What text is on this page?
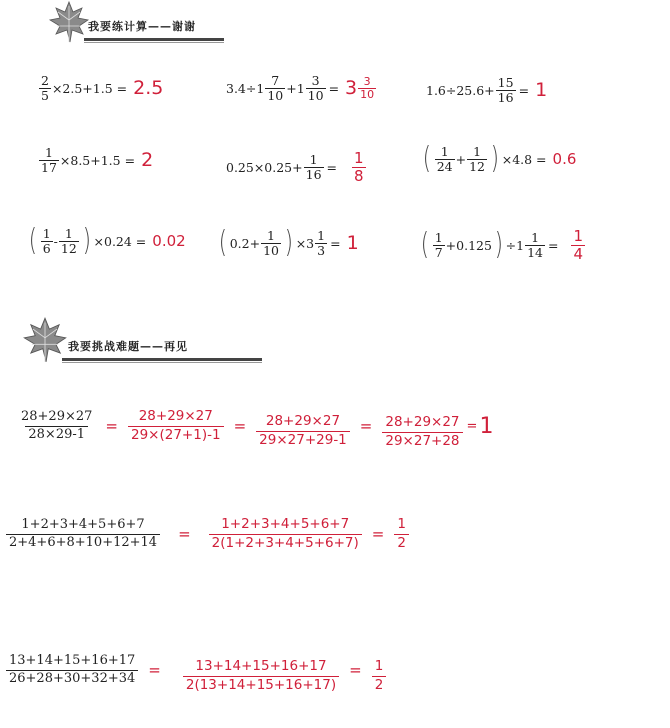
我要练计算——谢谢
$\frac{2}{5} \times 2.5+1.5 = 2.5$	$3.4\div 1 \frac{7}{10} +1 \frac{3}{10} = 3 \frac{3}{10}$	$1.6\div 25.6+ \frac{15}{16} = 1$
$\frac{1}{17} \times 8.5+1.5 = 2$	$0.25\times 0.25+ \frac{1}{16} = \frac{1}{8}$ ( $\frac{1}{24} + \frac{1}{12}$ ) ×4.8 = 0.6
( $\frac{1}{6} - \frac{1}{12}$ ) ×0.24 = 0.02 ( $0.2+ \frac{1}{10}$ ) $\times 3 \frac{1}{3} = 1$ ( $\frac{1}{7} +0.125$ ) $\div 1 \frac{1}{14} = \frac{1}{4}$
我要挑战难题——再见
$\frac{28+29\times 27}{28\times 29-1} = \frac{28+29\times 27}{29\times(27+1)-1} = \frac{28+29\times 27}{29\times 27+29-1} = \frac{28+29\times 27}{29\times 27+28} = 1$
$\frac{1+2+3+4+5+6+7}{2+4+6+8+10+12+14} = \frac{1+2+3+4+5+6+7}{2(1+2+3+4+5+6+7)} = \frac{1}{2}$
$\frac{13+14+15+16+17}{26+28+30+32+34} = \frac{13+14+15+16+17}{2(13+14+15+16+17)} = \frac{1}{2}$
